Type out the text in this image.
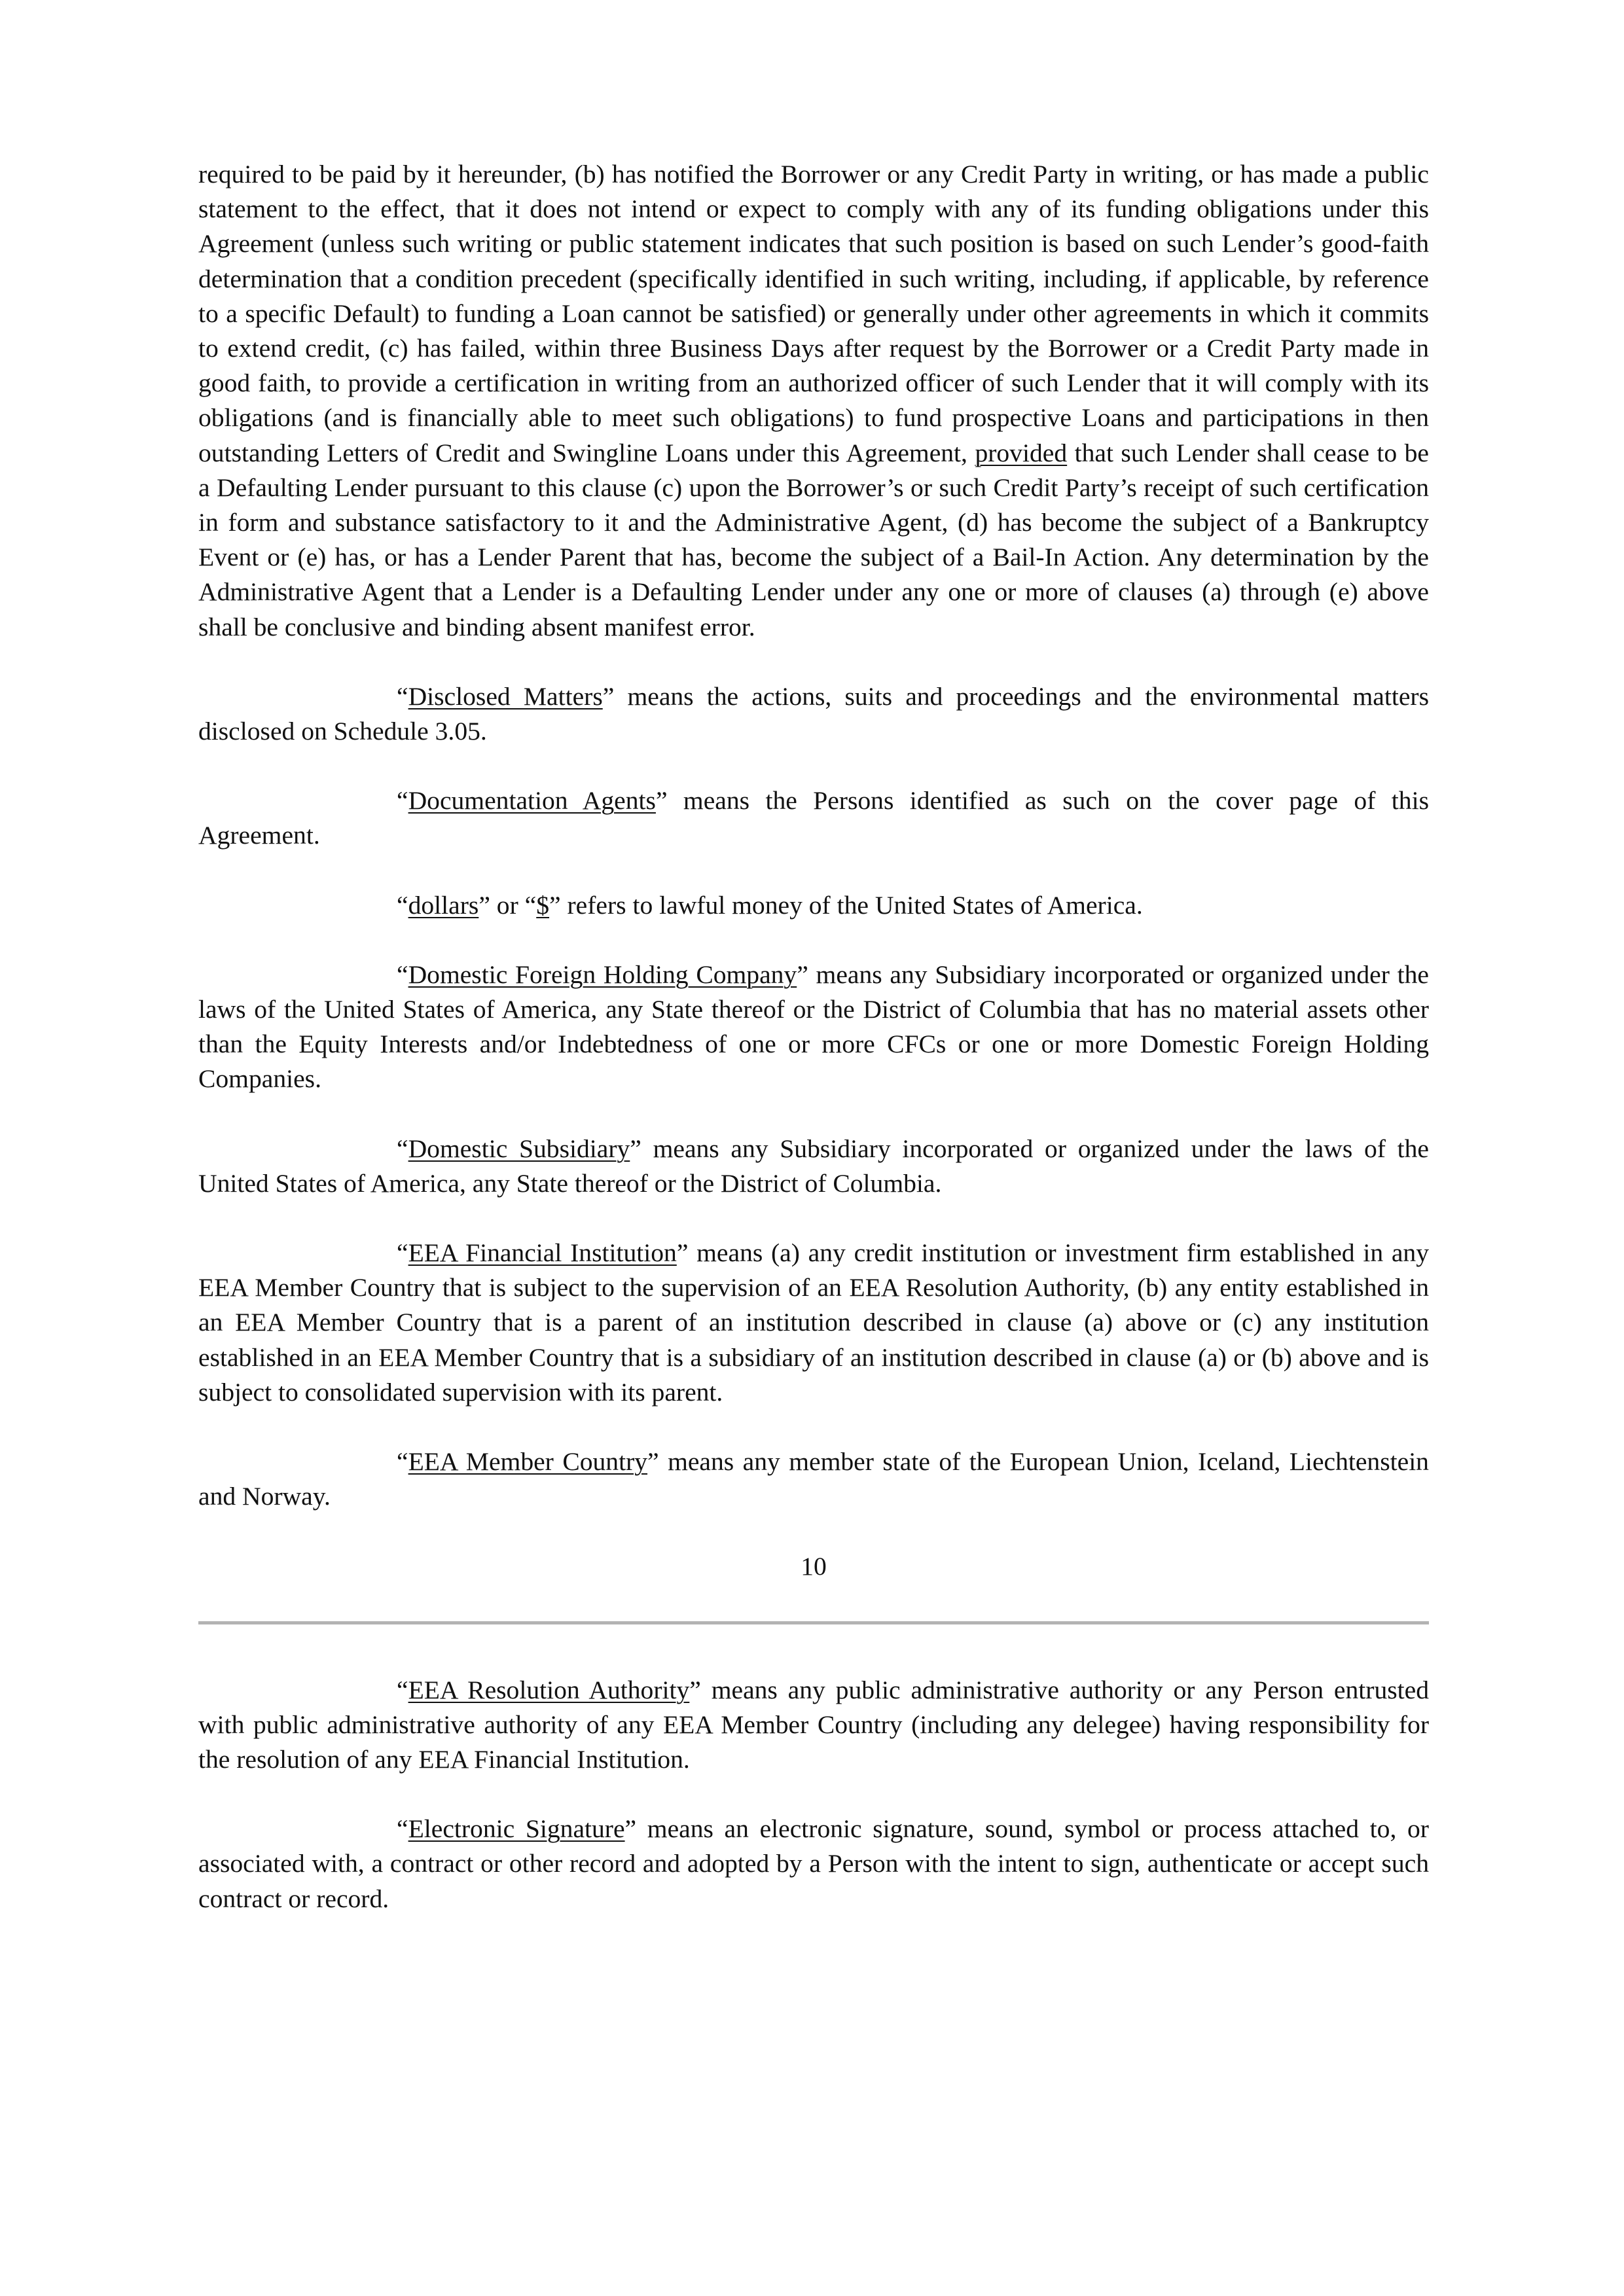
required to be paid by it hereunder, (b) has notified the Borrower or any Credit Party in writing, or has made a public statement to the effect, that it does not intend or expect to comply with any of its funding obligations under this Agreement (unless such writing or public statement indicates that such position is based on such Lender’s good-faith determination that a condition precedent (specifically identified in such writing, including, if applicable, by reference to a specific Default) to funding a Loan cannot be satisfied) or generally under other agreements in which it commits to extend credit, (c) has failed, within three Business Days after request by the Borrower or a Credit Party made in good faith, to provide a certification in writing from an authorized officer of such Lender that it will comply with its obligations (and is financially able to meet such obligations) to fund prospective Loans and participations in then outstanding Letters of Credit and Swingline Loans under this Agreement, provided that such Lender shall cease to be a Defaulting Lender pursuant to this clause (c) upon the Borrower’s or such Credit Party’s receipt of such certification in form and substance satisfactory to it and the Administrative Agent, (d) has become the subject of a Bankruptcy Event or (e) has, or has a Lender Parent that has, become the subject of a Bail-In Action. Any determination by the Administrative Agent that a Lender is a Defaulting Lender under any one or more of clauses (a) through (e) above shall be conclusive and binding absent manifest error.

“Disclosed Matters” means the actions, suits and proceedings and the environmental matters disclosed on Schedule 3.05.

“Documentation Agents” means the Persons identified as such on the cover page of this Agreement.

“dollars” or “$” refers to lawful money of the United States of America.

“Domestic Foreign Holding Company” means any Subsidiary incorporated or organized under the laws of the United States of America, any State thereof or the District of Columbia that has no material assets other than the Equity Interests and/or Indebtedness of one or more CFCs or one or more Domestic Foreign Holding Companies.

“Domestic Subsidiary” means any Subsidiary incorporated or organized under the laws of the United States of America, any State thereof or the District of Columbia.

“EEA Financial Institution” means (a) any credit institution or investment firm established in any EEA Member Country that is subject to the supervision of an EEA Resolution Authority, (b) any entity established in an EEA Member Country that is a parent of an institution described in clause (a) above or (c) any institution established in an EEA Member Country that is a subsidiary of an institution described in clause (a) or (b) above and is subject to consolidated supervision with its parent.

“EEA Member Country” means any member state of the European Union, Iceland, Liechtenstein and Norway.

10

“EEA Resolution Authority” means any public administrative authority or any Person entrusted with public administrative authority of any EEA Member Country (including any delegee) having responsibility for the resolution of any EEA Financial Institution.

“Electronic Signature” means an electronic signature, sound, symbol or process attached to, or associated with, a contract or other record and adopted by a Person with the intent to sign, authenticate or accept such contract or record.
